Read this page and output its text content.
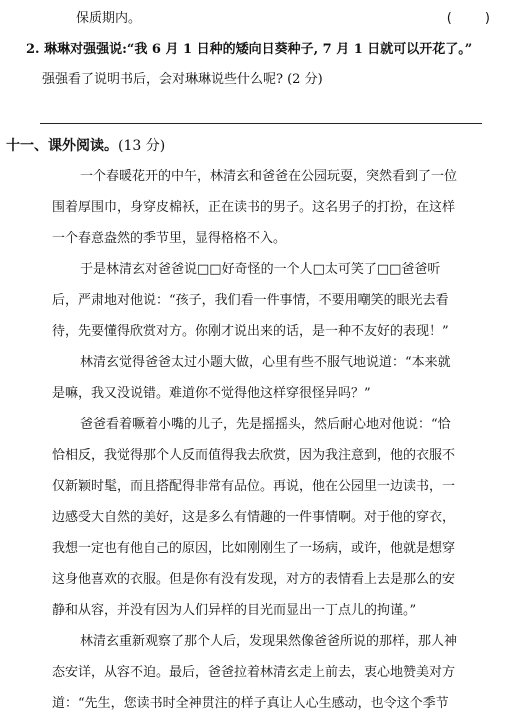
保质期内。	(        )
2. 琳琳对强强说:“我 6 月 1 日种的矮向日葵种子, 7 月 1 日就可以开花了。”
强强看了说明书后，会对琳琳说些什么呢? (2 分)
十一、课外阅读。(13 分)
一个春暖花开的中午，林清玄和爸爸在公园玩耍，突然看到了一位
围着厚围巾，身穿皮棉袄，正在读书的男子。这名男子的打扮，在这样
一个春意盎然的季节里，显得格格不入。
于是林清玄对爸爸说□□好奇怪的一个人□太可笑了□□爸爸听
后，严肃地对他说：“孩子，我们看一件事情，不要用嘲笑的眼光去看
待，先要懂得欣赏对方。你刚才说出来的话，是一种不友好的表现！”
林清玄觉得爸爸太过小题大做，心里有些不服气地说道：“本来就
是嘛，我又没说错。难道你不觉得他这样穿很怪异吗？”
爸爸看着噘着小嘴的儿子，先是摇摇头，然后耐心地对他说：“恰
恰相反，我觉得那个人反而值得我去欣赏，因为我注意到，他的衣服不
仅新颖时髦，而且搭配得非常有品位。再说，他在公园里一边读书，一
边感受大自然的美好，这是多么有情趣的一件事情啊。对于他的穿衣，
我想一定也有他自己的原因，比如刚刚生了一场病，或许，他就是想穿
这身他喜欢的衣服。但是你有没有发现，对方的表情看上去是那么的安
静和从容，并没有因为人们异样的目光而显出一丁点儿的拘谨。”
林清玄重新观察了那个人后，发现果然像爸爸所说的那样，那人神
态安详，从容不迫。最后，爸爸拉着林清玄走上前去，衷心地赞美对方
道：“先生，您读书时全神贯注的样子真让人心生感动，也令这个季节
